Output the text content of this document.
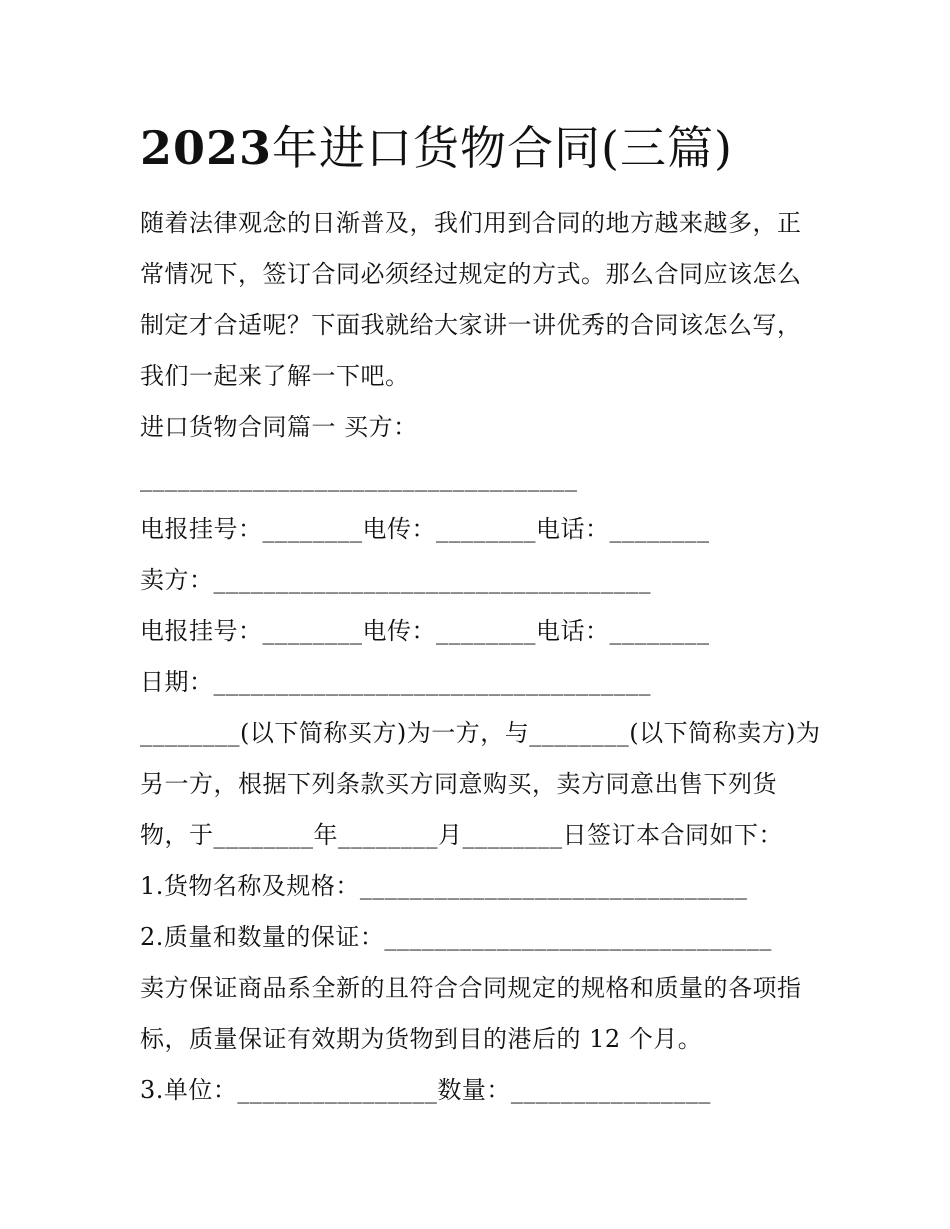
2023年进口货物合同(三篇)
随着法律观念的日渐普及，我们用到合同的地方越来越多，正
常情况下，签订合同必须经过规定的方式。那么合同应该怎么
制定才合适呢？下面我就给大家讲一讲优秀的合同该怎么写，
我们一起来了解一下吧。
进口货物合同篇一 买方：
___________________________________
电报挂号：________电传：________电话：________
卖方：___________________________________
电报挂号：________电传：________电话：________
日期：___________________________________
________(以下简称买方)为一方，与________(以下简称卖方)为
另一方，根据下列条款买方同意购买，卖方同意出售下列货
物，于________年________月________日签订本合同如下：
1.货物名称及规格：_______________________________
2.质量和数量的保证：_______________________________
卖方保证商品系全新的且符合合同规定的规格和质量的各项指
标，质量保证有效期为货物到目的港后的 12 个月。
3.单位：________________数量：________________
